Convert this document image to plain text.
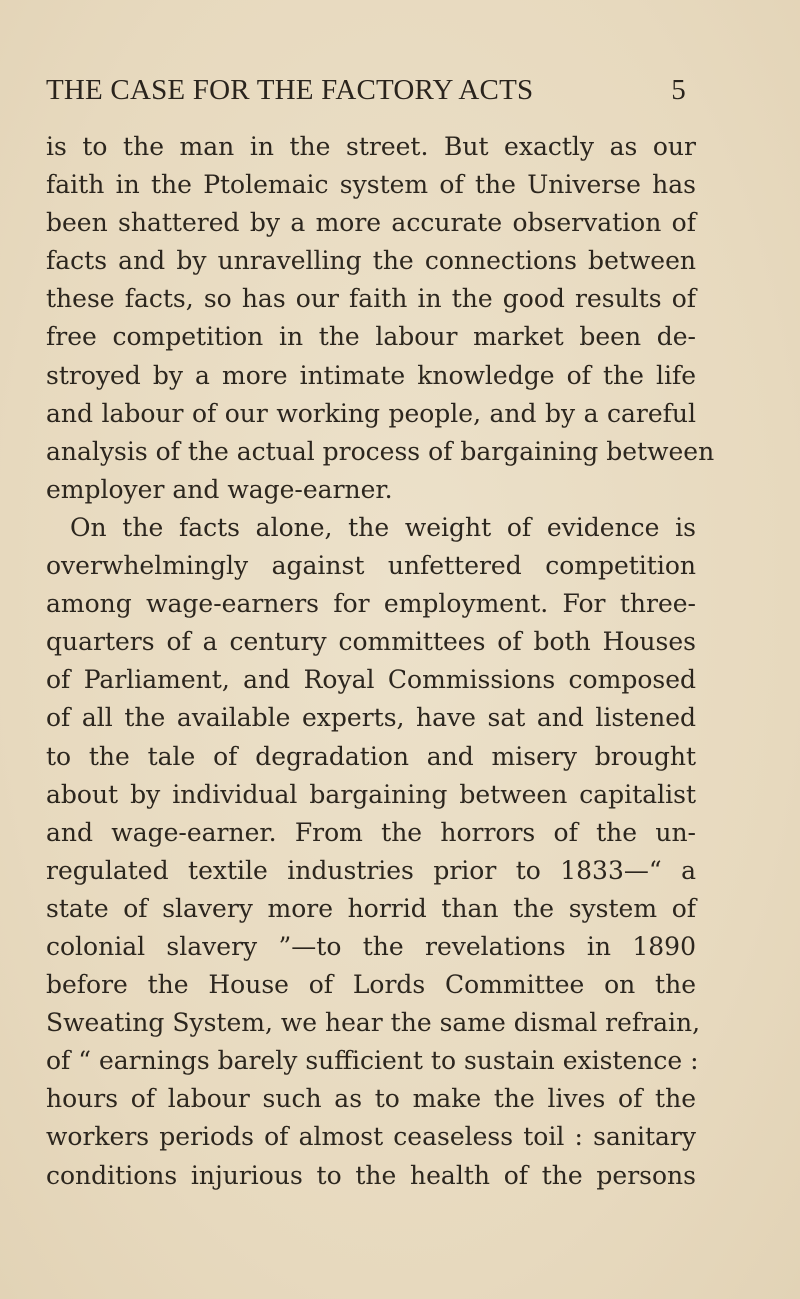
THE CASE FOR THE FACTORY ACTS	5
is to the man in the street. But exactly as our
faith in the Ptolemaic system of the Universe has
been shattered by a more accurate observation of
facts and by unravelling the connections between
these facts, so has our faith in the good results of
free competition in the labour market been de-
stroyed by a more intimate knowledge of the life
and labour of our working people, and by a careful
analysis of the actual process of bargaining between
employer and wage-earner.
On the facts alone, the weight of evidence is
overwhelmingly against unfettered competition
among wage-earners for employment. For three-
quarters of a century committees of both Houses
of Parliament, and Royal Commissions composed
of all the available experts, have sat and listened
to the tale of degradation and misery brought
about by individual bargaining between capitalist
and wage-earner. From the horrors of the un-
regulated textile industries prior to 1833—“ a
state of slavery more horrid than the system of
colonial slavery ”—to the revelations in 1890
before the House of Lords Committee on the
Sweating System, we hear the same dismal refrain,
of “ earnings barely sufficient to sustain existence :
hours of labour such as to make the lives of the
workers periods of almost ceaseless toil : sanitary
conditions injurious to the health of the persons
